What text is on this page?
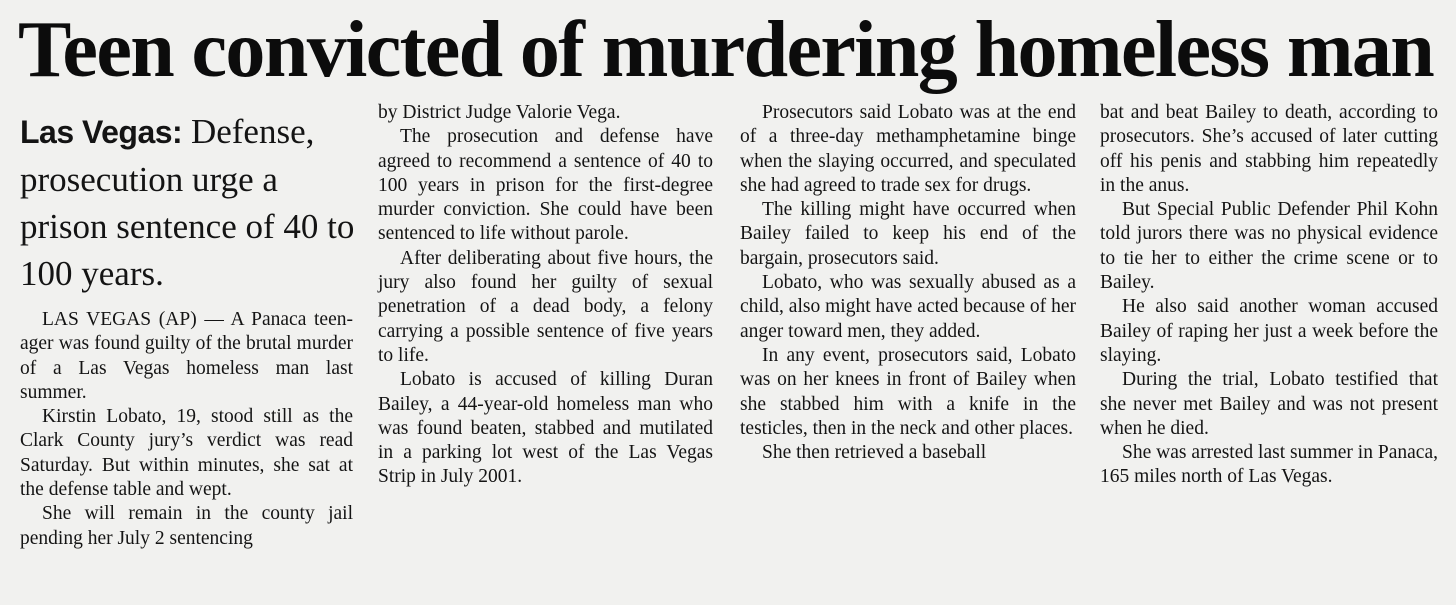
Teen convicted of murdering homeless man
Las Vegas: Defense, prosecution urge a prison sentence of 40 to 100 years.

LAS VEGAS (AP) — A Panaca teen-ager was found guilty of the brutal murder of a Las Vegas homeless man last summer.

Kirstin Lobato, 19, stood still as the Clark County jury’s verdict was read Saturday. But within minutes, she sat at the defense table and wept.

She will remain in the county jail pending her July 2 sentencing

by District Judge Valorie Vega.

The prosecution and defense have agreed to recommend a sentence of 40 to 100 years in prison for the first-degree murder conviction. She could have been sentenced to life without parole.

After deliberating about five hours, the jury also found her guilty of sexual penetration of a dead body, a felony carrying a possible sentence of five years to life.

Lobato is accused of killing Duran Bailey, a 44-year-old homeless man who was found beaten, stabbed and mutilated in a parking lot west of the Las Vegas Strip in July 2001.

Prosecutors said Lobato was at the end of a three-day methamphetamine binge when the slaying occurred, and speculated she had agreed to trade sex for drugs.

The killing might have occurred when Bailey failed to keep his end of the bargain, prosecutors said.

Lobato, who was sexually abused as a child, also might have acted because of her anger toward men, they added.

In any event, prosecutors said, Lobato was on her knees in front of Bailey when she stabbed him with a knife in the testicles, then in the neck and other places.

She then retrieved a baseball

bat and beat Bailey to death, according to prosecutors. She’s accused of later cutting off his penis and stabbing him repeatedly in the anus.

But Special Public Defender Phil Kohn told jurors there was no physical evidence to tie her to either the crime scene or to Bailey.

He also said another woman accused Bailey of raping her just a week before the slaying.

During the trial, Lobato testified that she never met Bailey and was not present when he died.

She was arrested last summer in Panaca, 165 miles north of Las Vegas.
